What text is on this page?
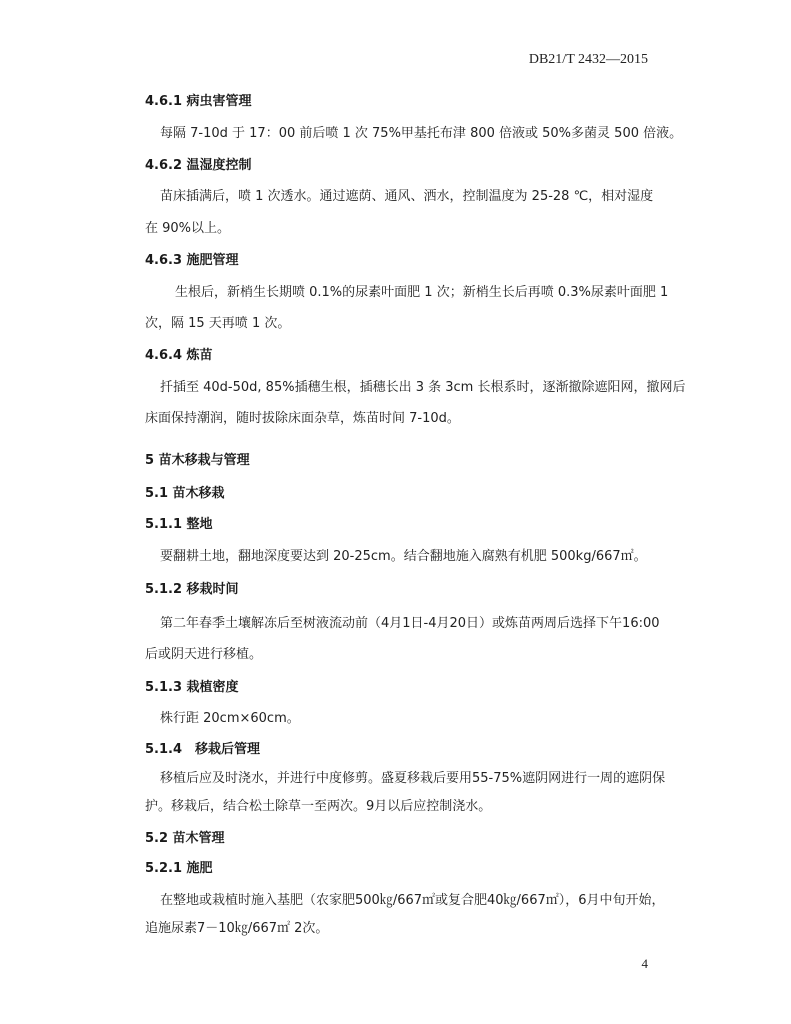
DB21/T 2432—2015
4.6.1 病虫害管理
每隔 7-10d 于 17：00 前后喷 1 次 75%甲基托布津 800 倍液或 50%多菌灵 500 倍液。
4.6.2 温湿度控制
苗床插满后，喷 1 次透水。通过遮荫、通风、洒水，控制温度为 25-28 ℃，相对湿度
在 90%以上。
4.6.3 施肥管理
生根后，新梢生长期喷 0.1%的尿素叶面肥 1 次；新梢生长后再喷 0.3%尿素叶面肥 1
次，隔 15 天再喷 1 次。
4.6.4 炼苗
扦插至 40d-50d, 85%插穗生根，插穗长出 3 条 3cm 长根系时，逐渐撤除遮阳网，撤网后
床面保持潮润，随时拔除床面杂草，炼苗时间 7-10d。
5 苗木移栽与管理
5.1 苗木移栽
5.1.1 整地
要翻耕土地，翻地深度要达到 20-25cm。结合翻地施入腐熟有机肥 500kg/667㎡。
5.1.2 移栽时间
第二年春季土壤解冻后至树液流动前（4月1日-4月20日）或炼苗两周后选择下午16:00
后或阴天进行移植。
5.1.3 栽植密度
株行距 20cm×60cm。
5.1.4　移栽后管理
移植后应及时浇水，并进行中度修剪。盛夏移栽后要用55-75%遮阴网进行一周的遮阴保
护。移栽后，结合松土除草一至两次。9月以后应控制浇水。
5.2 苗木管理
5.2.1 施肥
在整地或栽植时施入基肥（农家肥500㎏/667㎡或复合肥40㎏/667㎡），6月中旬开始，
追施尿素7－10㎏/667㎡ 2次。
4
